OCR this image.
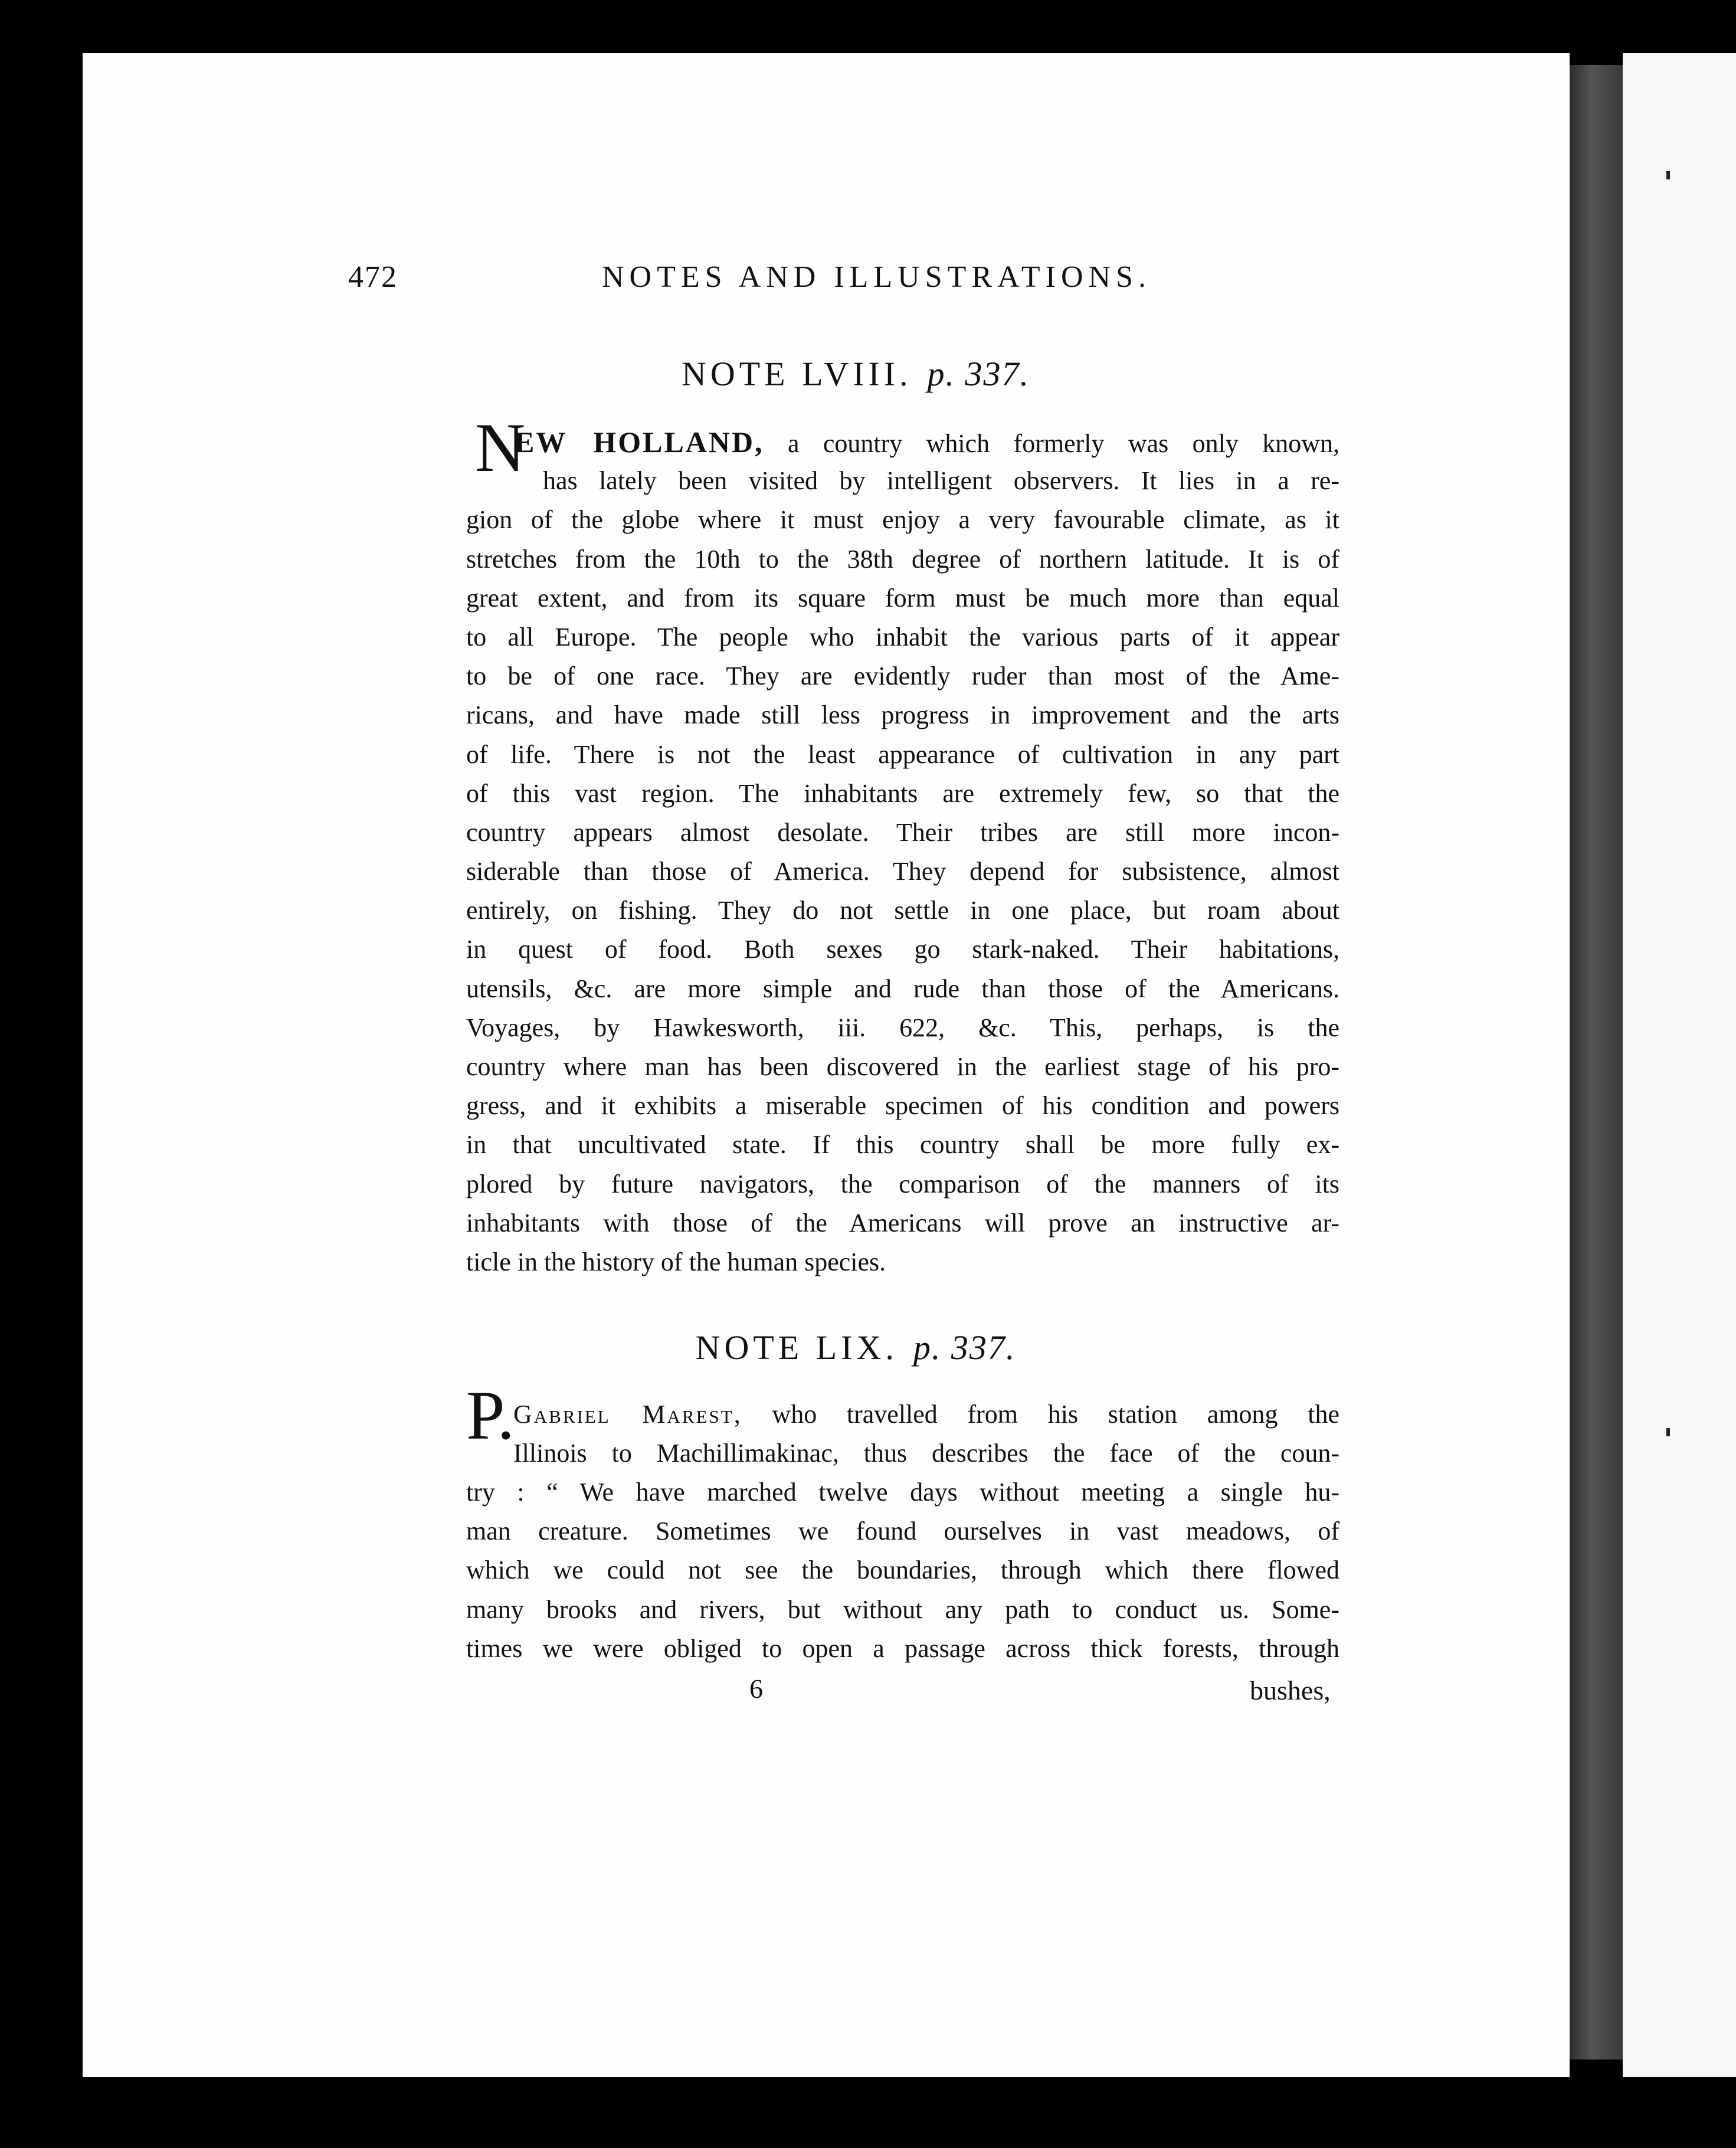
472	NOTES AND ILLUSTRATIONS.
NOTE LVIII. p. 337.
N
EW HOLLAND, a country which formerly was only known,
has lately been visited by intelligent observers. It lies in a re-
gion of the globe where it must enjoy a very favourable climate, as it
stretches from the 10th to the 38th degree of northern latitude. It is of
great extent, and from its square form must be much more than equal
to all Europe. The people who inhabit the various parts of it appear
to be of one race. They are evidently ruder than most of the Ame-
ricans, and have made still less progress in improvement and the arts
of life. There is not the least appearance of cultivation in any part
of this vast region. The inhabitants are extremely few, so that the
country appears almost desolate. Their tribes are still more incon-
siderable than those of America. They depend for subsistence, almost
entirely, on fishing. They do not settle in one place, but roam about
in quest of food. Both sexes go stark-naked. Their habitations,
utensils, &c. are more simple and rude than those of the Americans.
Voyages, by Hawkesworth, iii. 622, &c. This, perhaps, is the
country where man has been discovered in the earliest stage of his pro-
gress, and it exhibits a miserable specimen of his condition and powers
in that uncultivated state. If this country shall be more fully ex-
plored by future navigators, the comparison of the manners of its
inhabitants with those of the Americans will prove an instructive ar-
ticle in the history of the human species.
NOTE LIX. p. 337.
P.
Gabriel Marest, who travelled from his station among the
Illinois to Machillimakinac, thus describes the face of the coun-
try : “ We have marched twelve days without meeting a single hu-
man creature. Sometimes we found ourselves in vast meadows, of
which we could not see the boundaries, through which there flowed
many brooks and rivers, but without any path to conduct us. Some-
times we were obliged to open a passage across thick forests, through
6	bushes,
